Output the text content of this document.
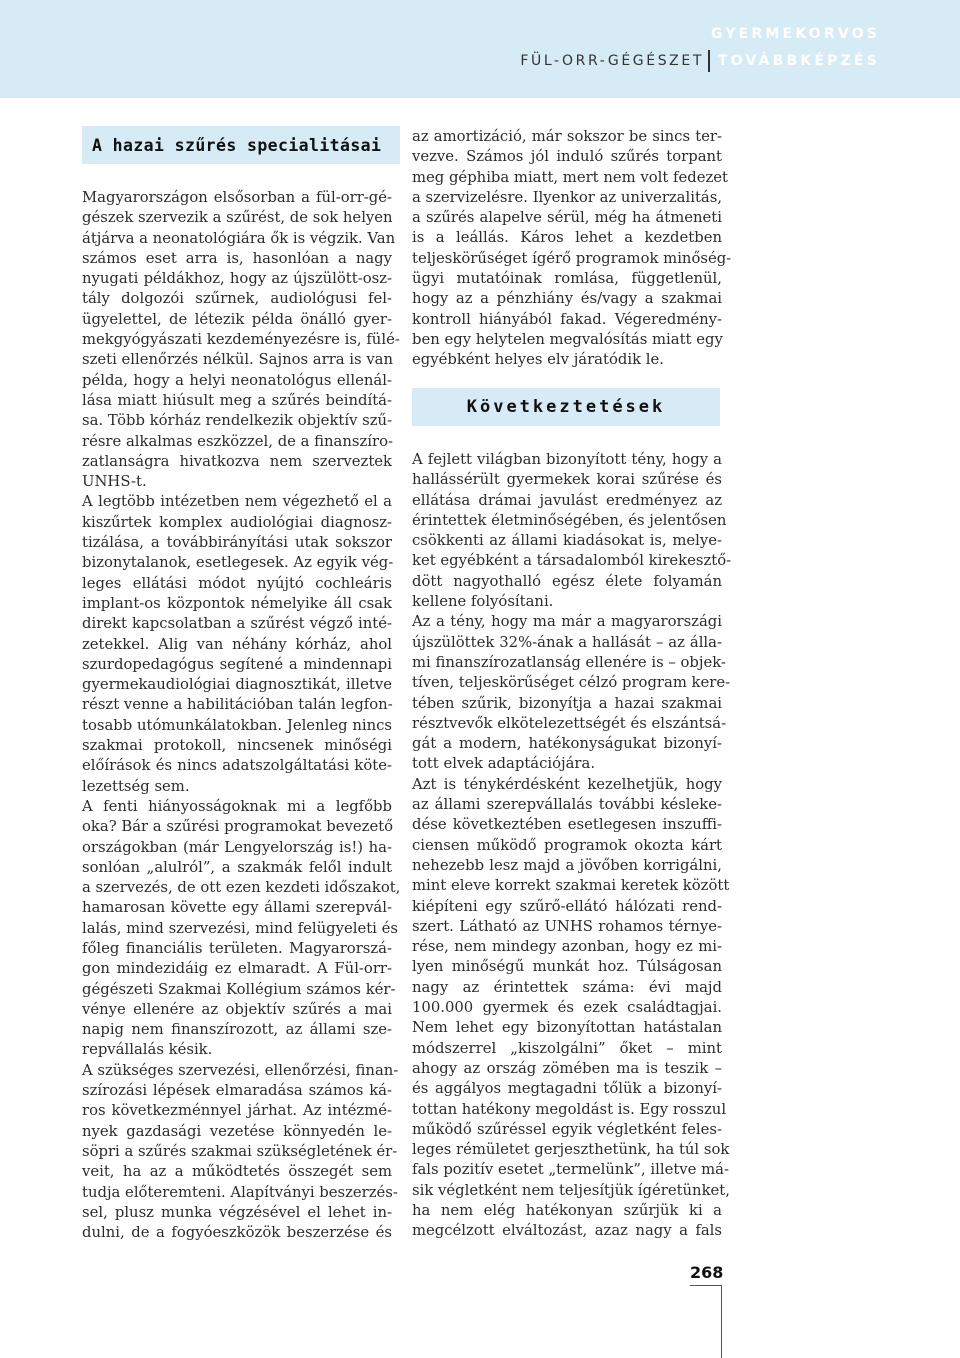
GYERMEKORVOS
FÜL-ORR-GÉGÉSZET TOVÁBBKÉPZÉS
A hazai szűrés specialitásai
Magyarországon elsősorban a fül-orr-gé-
gészek szervezik a szűrést, de sok helyen
átjárva a neonatológiára ők is végzik. Van
számos eset arra is, hasonlóan a nagy
nyugati példákhoz, hogy az újszülött-osz-
tály dolgozói szűrnek, audiológusi fel-
ügyelettel, de létezik példa önálló gyer-
mekgyógyászati kezdeményezésre is, fülé-
szeti ellenőrzés nélkül. Sajnos arra is van
példa, hogy a helyi neonatológus ellenál-
lása miatt hiúsult meg a szűrés beindítá-
sa. Több kórház rendelkezik objektív szű-
résre alkalmas eszközzel, de a finanszíro-
zatlanságra hivatkozva nem szerveztek
UNHS-t.
A legtöbb intézetben nem végezhető el a
kiszűrtek komplex audiológiai diagnosz-
tizálása, a továbbirányítási utak sokszor
bizonytalanok, esetlegesek. Az egyik vég-
leges ellátási módot nyújtó cochleáris
implant-os központok némelyike áll csak
direkt kapcsolatban a szűrést végző inté-
zetekkel. Alig van néhány kórház, ahol
szurdopedagógus segítené a mindennapi
gyermekaudiológiai diagnosztikát, illetve
részt venne a habilitációban talán legfon-
tosabb utómunkálatokban. Jelenleg nincs
szakmai protokoll, nincsenek minőségi
előírások és nincs adatszolgáltatási köte-
lezettség sem.
A fenti hiányosságoknak mi a legfőbb
oka? Bár a szűrési programokat bevezető
országokban (már Lengyelország is!) ha-
sonlóan „alulról”, a szakmák felől indult
a szervezés, de ott ezen kezdeti időszakot,
hamarosan követte egy állami szerepvál-
lalás, mind szervezési, mind felügyeleti és
főleg financiális területen. Magyarorszá-
gon mindezidáig ez elmaradt. A Fül-orr-
gégészeti Szakmai Kollégium számos kér-
vénye ellenére az objektív szűrés a mai
napig nem finanszírozott, az állami sze-
repvállalás késik.
A szükséges szervezési, ellenőrzési, finan-
szírozási lépések elmaradása számos ká-
ros következménnyel járhat. Az intézmé-
nyek gazdasági vezetése könnyedén le-
söpri a szűrés szakmai szükségletének ér-
veit, ha az a működtetés összegét sem
tudja előteremteni. Alapítványi beszerzés-
sel, plusz munka végzésével el lehet in-
dulni, de a fogyóeszközök beszerzése és
az amortizáció, már sokszor be sincs ter-
vezve. Számos jól induló szűrés torpant
meg géphiba miatt, mert nem volt fedezet
a szervizelésre. Ilyenkor az univerzalitás,
a szűrés alapelve sérül, még ha átmeneti
is a leállás. Káros lehet a kezdetben
teljeskörűséget ígérő programok minőség-
ügyi mutatóinak romlása, függetlenül,
hogy az a pénzhiány és/vagy a szakmai
kontroll hiányából fakad. Végeredmény-
ben egy helytelen megvalósítás miatt egy
egyébként helyes elv járatódik le.
Következtetések
A fejlett világban bizonyított tény, hogy a
hallássérült gyermekek korai szűrése és
ellátása drámai javulást eredményez az
érintettek életminőségében, és jelentősen
csökkenti az állami kiadásokat is, melye-
ket egyébként a társadalomból kirekesztő-
dött nagyothalló egész élete folyamán
kellene folyósítani.
Az a tény, hogy ma már a magyarországi
újszülöttek 32%-ának a hallását – az álla-
mi finanszírozatlanság ellenére is – objek-
tíven, teljeskörűséget célzó program kere-
tében szűrik, bizonyítja a hazai szakmai
résztvevők elkötelezettségét és elszántsá-
gát a modern, hatékonyságukat bizonyí-
tott elvek adaptációjára.
Azt is ténykérdésként kezelhetjük, hogy
az állami szerepvállalás további késleke-
dése következtében esetlegesen inszuffi-
ciensen működő programok okozta kárt
nehezebb lesz majd a jövőben korrigálni,
mint eleve korrekt szakmai keretek között
kiépíteni egy szűrő-ellátó hálózati rend-
szert. Látható az UNHS rohamos térnye-
rése, nem mindegy azonban, hogy ez mi-
lyen minőségű munkát hoz. Túlságosan
nagy az érintettek száma: évi majd
100.000 gyermek és ezek családtagjai.
Nem lehet egy bizonyítottan hatástalan
módszerrel „kiszolgálni” őket – mint
ahogy az ország zömében ma is teszik –
és aggályos megtagadni tőlük a bizonyí-
tottan hatékony megoldást is. Egy rosszul
működő szűréssel egyik végletként feles-
leges rémületet gerjeszthetünk, ha túl sok
fals pozitív esetet „termelünk”, illetve má-
sik végletként nem teljesítjük ígéretünket,
ha nem elég hatékonyan szűrjük ki a
megcélzott elváltozást, azaz nagy a fals
268
